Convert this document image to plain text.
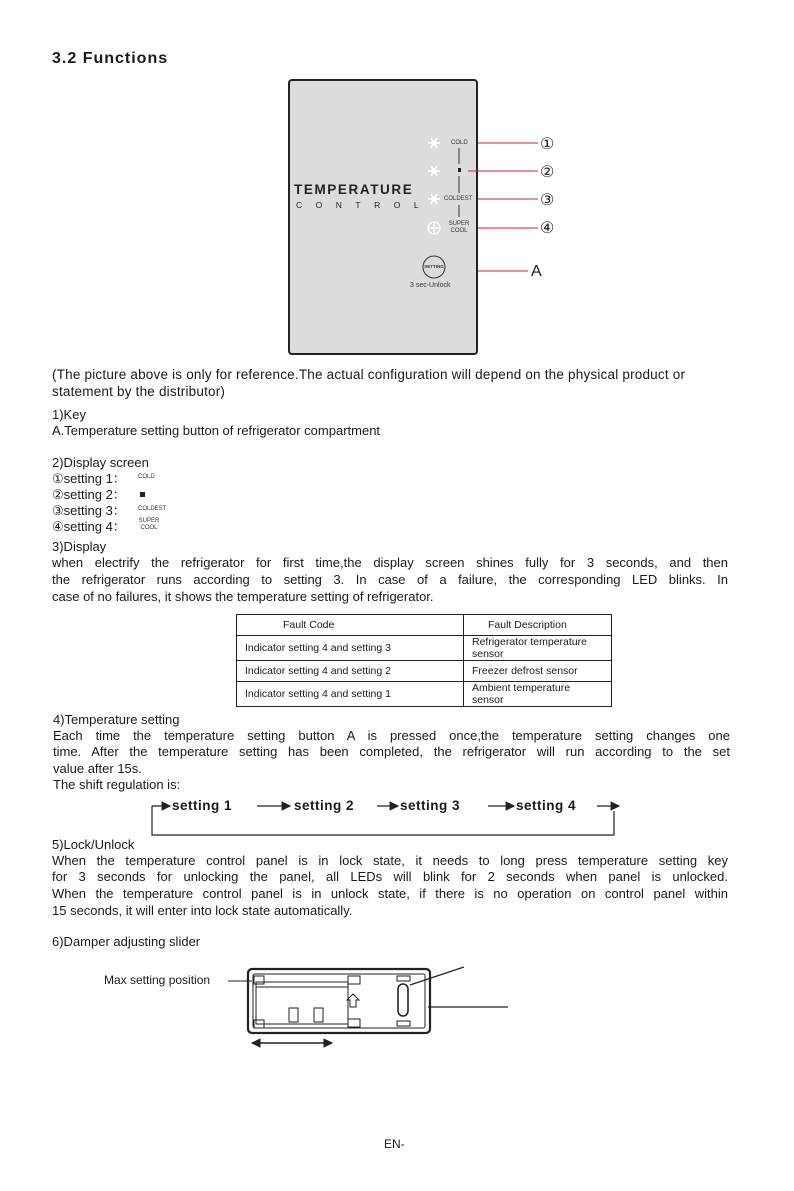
3.2 Functions
TEMPERATURE
CONTROL
COLD
COLDEST
SUPER
COOL
SETTING
3 sec-Unlock
①
②
③
④
A
(The picture above is only for reference.The actual configuration will depend on the physical product or statement by the distributor)
1)Key
A.Temperature setting button of refrigerator compartment
2)Display screen
①setting 1： COLD
②setting 2：
③setting 3： COLDEST
④setting 4： SUPER
COOL
3)Display
when electrify the refrigerator for first time,the display screen shines fully for 3 seconds, and then
the refrigerator runs according to setting 3. In case of a failure, the corresponding LED blinks. In
case of no failures, it shows the temperature setting of refrigerator.
Fault Code	Fault Description
Indicator setting 4 and setting 3	Refrigerator temperature sensor
Indicator setting 4 and setting 2	Freezer defrost sensor
Indicator setting 4 and setting 1	Ambient temperature sensor
4)Temperature setting
Each time the temperature setting button A is pressed once,the temperature setting changes one
time. After the temperature setting has been completed, the refrigerator will run according to the set
value after 15s.
The shift regulation is:
setting 1	setting 2	setting 3	setting 4
5)Lock/Unlock
When the temperature control panel is in lock state, it needs to long press temperature setting key
for 3 seconds for unlocking the panel, all LEDs will blink for 2 seconds when panel is unlocked.
When the temperature control panel is in unlock state, if there is no operation on control panel within
15 seconds, it will enter into lock state automatically.
6)Damper adjusting slider
Max setting position
EN-
